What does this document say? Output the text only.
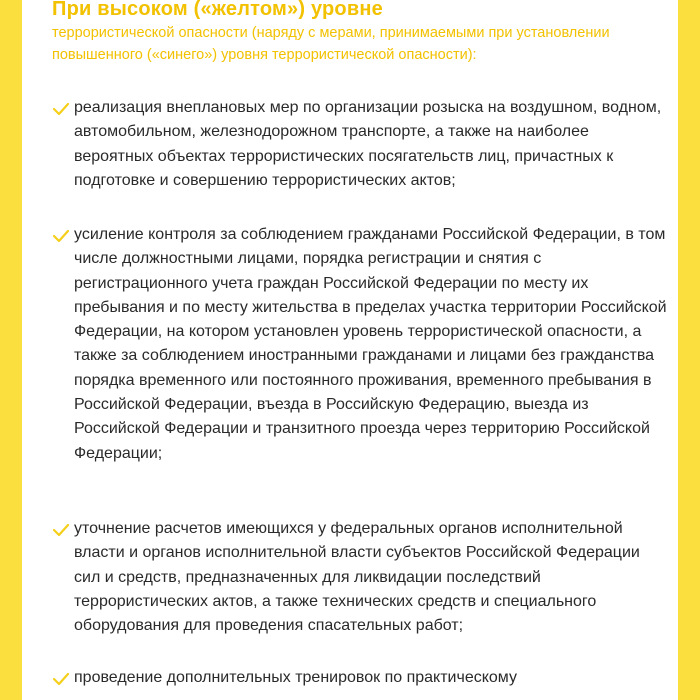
При высоком («желтом») уровне
террористической опасности (наряду с мерами, принимаемыми при установлении повышенного («синего») уровня террористической опасности):

реализация внеплановых мер по организации розыска на воздушном, водном, автомобильном, железнодорожном транспорте, а также на наиболее вероятных объектах террористических посягательств лиц, причастных к подготовке и совершению террористических актов;

усиление контроля за соблюдением гражданами Российской Федерации, в том числе должностными лицами, порядка регистрации и снятия с регистрационного учета граждан Российской Федерации по месту их пребывания и по месту жительства в пределах участка территории Российской Федерации, на котором установлен уровень террористической опасности, а также за соблюдением иностранными гражданами и лицами без гражданства порядка временного или постоянного проживания, временного пребывания в Российской Федерации, въезда в Российскую Федерацию, выезда из Российской Федерации и транзитного проезда через территорию Российской Федерации;

уточнение расчетов имеющихся у федеральных органов исполнительной власти и органов исполнительной власти субъектов Российской Федерации сил и средств, предназначенных для ликвидации последствий террористических актов, а также технических средств и специального оборудования для проведения спасательных работ;

проведение дополнительных тренировок по практическому
